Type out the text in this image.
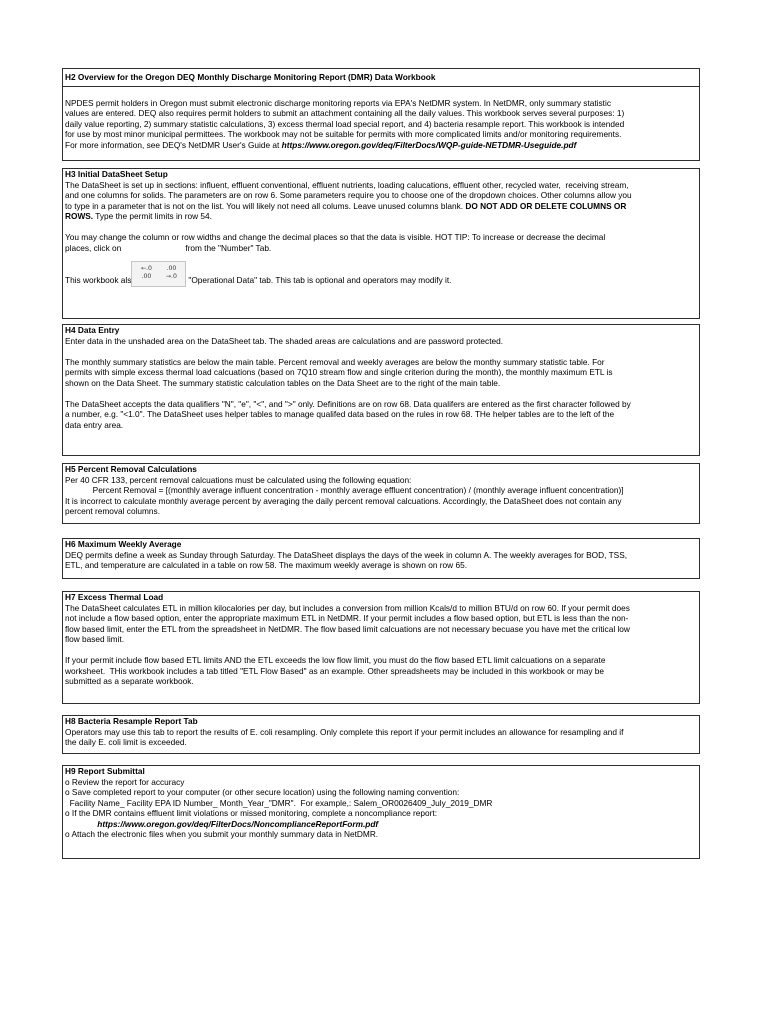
H2 Overview for the Oregon DEQ Monthly Discharge Monitoring Report (DMR) Data Workbook
NPDES permit holders in Oregon must submit electronic discharge monitoring reports via EPA's NetDMR system. In NetDMR, only summary statistic
values are entered. DEQ also requires permit holders to submit an attachment containing all the daily values. This workbook serves several purposes: 1)
daily value reporting, 2) summary statistic calculations, 3) excess thermal load special report, and 4) bacteria resample report. This workbook is intended
for use by most minor municipal permittees. The workbook may not be suitable for permits with more complicated limits and/or monitoring requirements.
For more information, see DEQ's NetDMR User's Guide at https://www.oregon.gov/deq/FilterDocs/WQP-guide-NETDMR-Useguide.pdf
H3 Initial DataSheet Setup
The DataSheet is set up in sections: influent, effluent conventional, effluent nutrients, loading calucations, effluent other, recycled water,  receiving stream,
and one columns for solids. The parameters are on row 6. Some parameters require you to choose one of the dropdown choices. Other columns allow you
to type in a parameter that is not on the list. You will likely not need all colums. Leave unused columns blank. DO NOT ADD OR DELETE COLUMNS OR
ROWS. Type the permit limits in row 54.
You may change the column or row widths and change the decimal places so that the data is visible. HOT TIP: To increase or decrease the decimal
places, click on	from the "Number" Tab.
This workbook als
←.0
.00
.00
→.0	"Operational Data" tab. This tab is optional and operators may modify it.
H4 Data Entry
Enter data in the unshaded area on the DataSheet tab. The shaded areas are calculations and are password protected.
The monthly summary statistics are below the main table. Percent removal and weekly averages are below the monthy summary statistic table. For
permits with simple excess thermal load calcuations (based on 7Q10 stream flow and single criterion during the month), the monthly maximum ETL is
shown on the Data Sheet. The summary statistic calculation tables on the Data Sheet are to the right of the main table.
The DataSheet accepts the data qualifiers "N", "e", "<", and ">" only. Definitions are on row 68. Data qualifers are entered as the first character followed by
a number, e.g. "<1.0". The DataSheet uses helper tables to manage qualifed data based on the rules in row 68. THe helper tables are to the left of the
data entry area.
H5 Percent Removal Calculations
Per 40 CFR 133, percent removal calcuations must be calculated using the following equation:
Percent Removal = [(monthly average influent concentration - monthly average effluent concentration) / (monthly average influent concentration)]
It is incorrect to calculate monthly average percent by averaging the daily percent removal calcuations. Accordingly, the DataSheet does not contain any
percent removal columns.
H6 Maximum Weekly Average
DEQ permits define a week as Sunday through Saturday. The DataSheet displays the days of the week in column A. The weekly averages for BOD, TSS,
ETL, and temperature are calculated in a table on row 58. The maximum weekly average is shown on row 65.
H7 Excess Thermal Load
The DataSheet calculates ETL in million kilocalories per day, but includes a conversion from million Kcals/d to million BTU/d on row 60. If your permit does
not include a flow based option, enter the appropriate maximum ETL in NetDMR. If your permit includes a flow based option, but ETL is less than the non-
flow based limit, enter the ETL from the spreadsheet in NetDMR. The flow based limit calcuations are not necessary becuase you have met the critical low
flow based limit.
If your permit include flow based ETL limits AND the ETL exceeds the low flow limit, you must do the flow based ETL limit calcuations on a separate
worksheet.  THis workbook includes a tab titled "ETL Flow Based" as an example. Other spreadsheets may be included in this workbook or may be
submitted as a separate workbook.
H8 Bacteria Resample Report Tab
Operators may use this tab to report the results of E. coli resampling. Only complete this report if your permit includes an allowance for resampling and if
the daily E. coli limit is exceeded.
H9 Report Submittal
o Review the report for accuracy
o Save completed report to your computer (or other secure location) using the following naming convention:
Facility Name_ Facility EPA ID Number_ Month_Year_"DMR".  For example,: Salem_OR0026409_July_2019_DMR
o If the DMR contains effluent limit violations or missed monitoring, complete a noncompliance report:
https://www.oregon.gov/deq/FilterDocs/NoncomplianceReportForm.pdf
o Attach the electronic files when you submit your monthly summary data in NetDMR.
